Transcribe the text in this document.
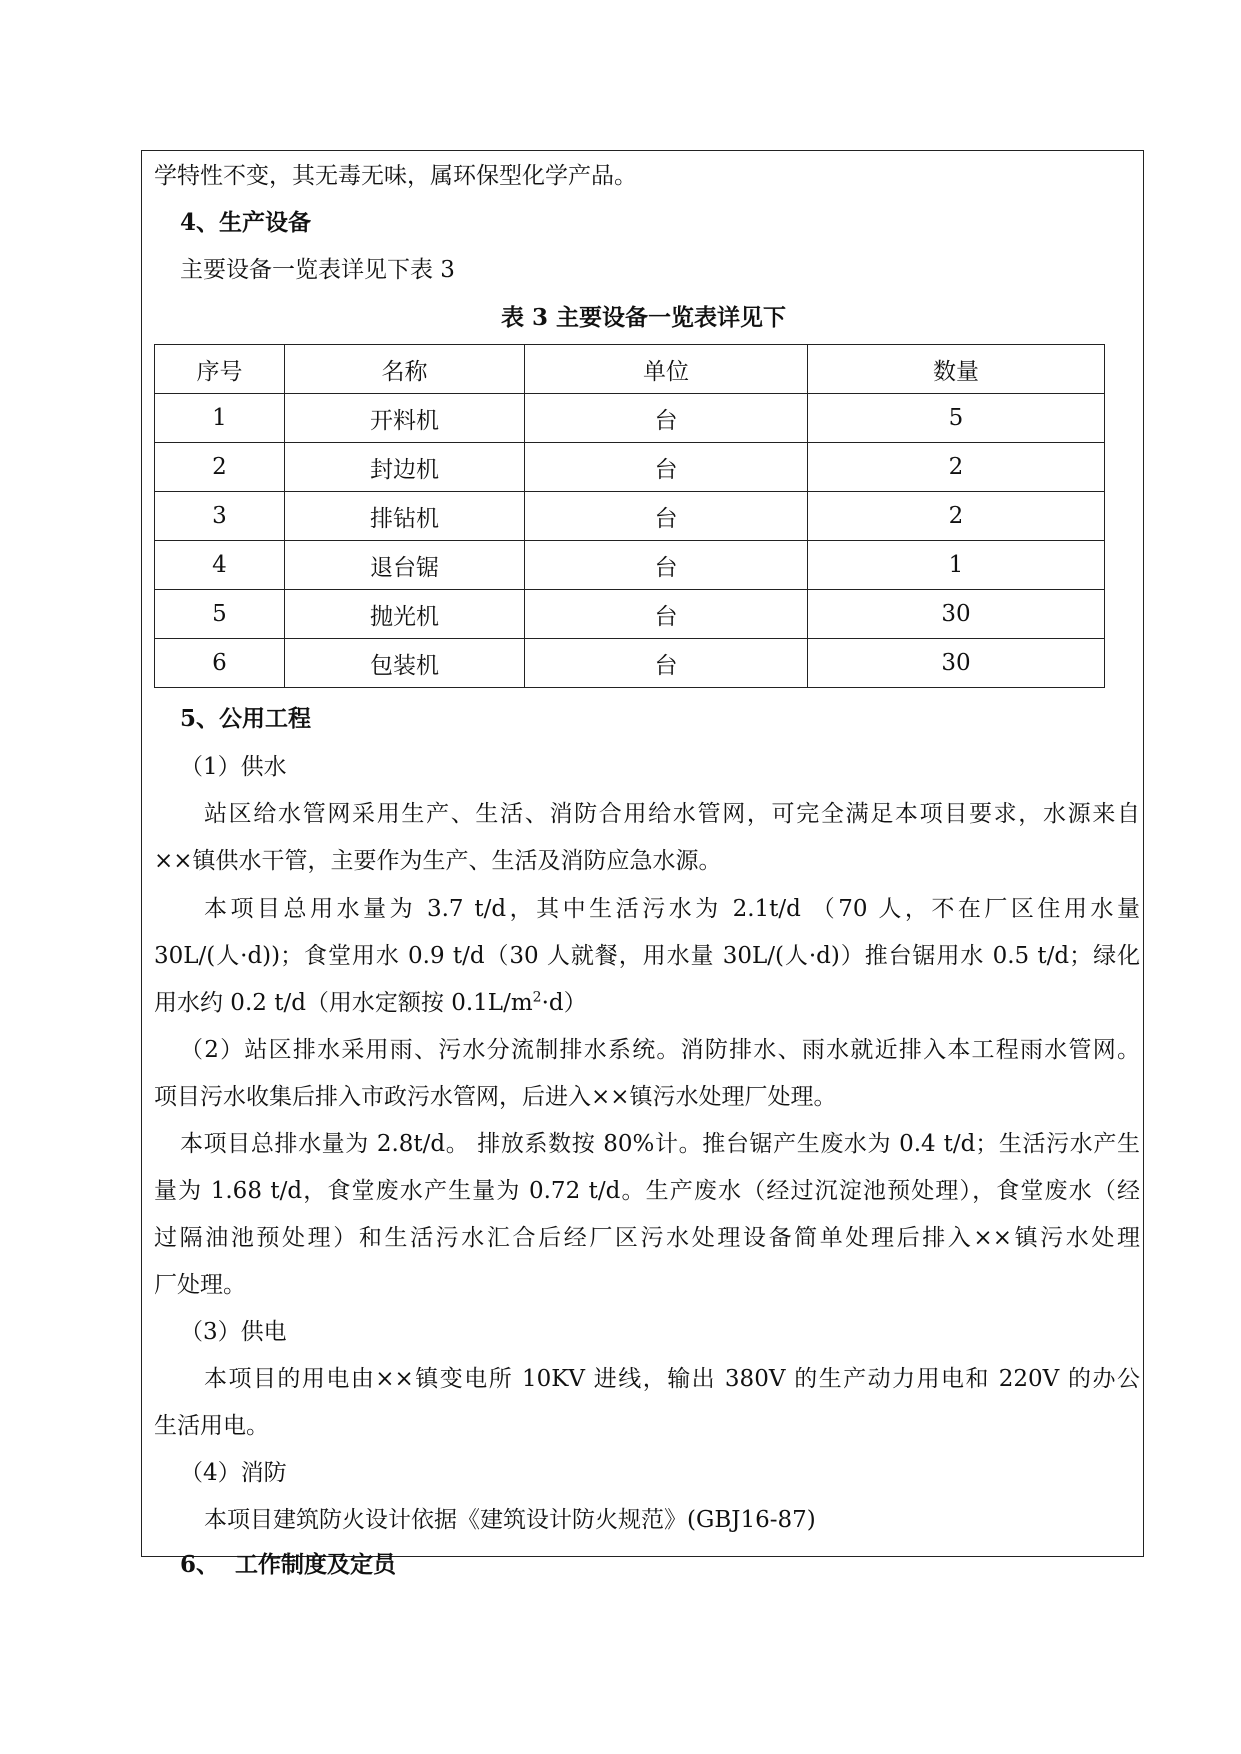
学特性不变，其无毒无味，属环保型化学产品。
4、生产设备
主要设备一览表详见下表 3
表 3 主要设备一览表详见下
序号	名称	单位	数量
1	开料机	台	5
2	封边机	台	2
3	排钻机	台	2
4	退台锯	台	1
5	抛光机	台	30
6	包装机	台	30
5、公用工程
（1）供水
站区给水管网采用生产、生活、消防合用给水管网，可完全满足本项目要求，水源来自
××镇供水干管，主要作为生产、生活及消防应急水源。
本项目总用水量为 3.7 t/d，其中生活污水为 2.1t/d （70 人，不在厂区住用水量
30L/(人·d))；食堂用水 0.9 t/d（30 人就餐，用水量 30L/(人·d)）推台锯用水 0.5 t/d；绿化
用水约 0.2 t/d（用水定额按 $0.1L/m^2\cdot d$）
（2）站区排水采用雨、污水分流制排水系统。消防排水、雨水就近排入本工程雨水管网。
项目污水收集后排入市政污水管网，后进入××镇污水处理厂处理。
本项目总排水量为 2.8t/d。 排放系数按 80%计。推台锯产生废水为 0.4 t/d；生活污水产生
量为 1.68 t/d，食堂废水产生量为 0.72 t/d。生产废水（经过沉淀池预处理），食堂废水（经
过隔油池预处理）和生活污水汇合后经厂区污水处理设备简单处理后排入××镇污水处理
厂处理。
（3）供电
本项目的用电由××镇变电所 10KV 进线，输出 380V 的生产动力用电和 220V 的办公
生活用电。
（4）消防
本项目建筑防火设计依据《建筑设计防火规范》(GBJ16-87)
6、  工作制度及定员
